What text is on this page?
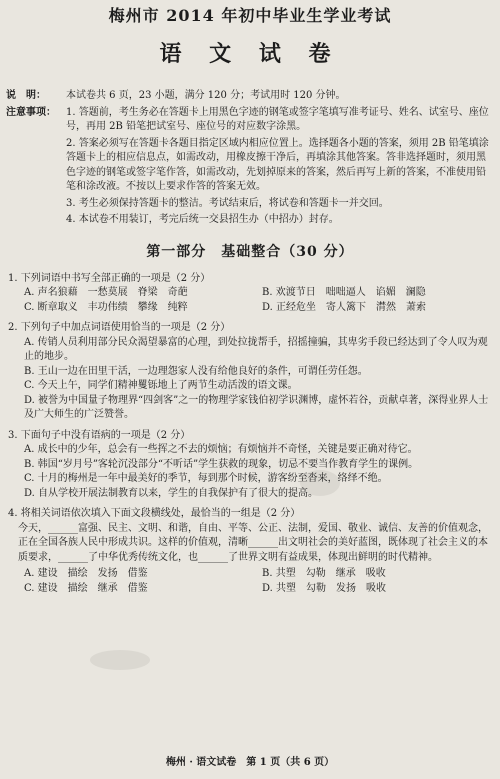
梅州市 2014 年初中毕业生学业考试
语 文 试 卷
说　明：	本试卷共 6 页，23 小题，满分 120 分；考试用时 120 分钟。
注意事项：	1. 答题前，考生务必在答题卡上用黑色字迹的钢笔或签字笔填写准考证号、姓名、试室号、座位号，再用 2B 铅笔把试室号、座位号的对应数字涂黑。
2. 答案必须写在答题卡各题目指定区域内相应位置上。选择题各小题的答案，须用 2B 铅笔填涂答题卡上的相应信息点，如需改动，用橡皮擦干净后，再填涂其他答案。答非选择题时，须用黑色字迹的钢笔或签字笔作答，如需改动，先划掉原来的答案，然后再写上新的答案，不准使用铅笔和涂改液。不按以上要求作答的答案无效。
3. 考生必须保持答题卡的整洁。考试结束后，将试卷和答题卡一并交回。
4. 本试卷不用装订，考完后统一交县招生办（中招办）封存。
第一部分　基础整合（30 分）
1. 下列词语中书写全部正确的一项是（2 分）
A. 声名狼藉　一愁莫展　脊梁　奇葩	B. 欢渡节日　咄咄逼人　谄媚　澜隐
C. 断章取义　丰功伟绩　攀缘　纯粹	D. 正经危坐　寄人篱下　潸然　萧索
2. 下列句子中加点词语使用恰当的一项是（2 分）
A. 传销人员利用部分民众渴望暴富的心理，到处拉拢帮手，招摇撞骗，其卑劣手段已经达到了令人叹为观止的地步。
B. 王山一边在田里干活，一边理怨家人没有给他良好的条件，可谓任劳任怨。
C. 今天上午，同学们精神矍铄地上了两节生动活泼的语文课。
D. 被誉为中国量子物理界“四剑客”之一的物理学家钱伯初学识渊博，虚怀若谷，贡献卓著，深得业界人士及广大师生的广泛赞誉。
3. 下面句子中没有语病的一项是（2 分）
A. 成长中的少年，总会有一些挥之不去的烦恼；有烦恼并不奇怪，关键是要正确对待它。
B. 韩国“岁月号”客轮沉没部分“不听话”学生获救的现象，切忌不要当作教育学生的课例。
C. 十月的梅州是一年中最美好的季节，每到那个时候，游客纷至沓来，络绎不绝。
D. 自从学校开展法制教育以来，学生的自我保护有了很大的提高。
4. 将相关词语依次填入下面文段横线处，最恰当的一组是（2 分）
今天，______富强、民主、文明、和谐，自由、平等、公正、法制，爱国、敬业、诚信、友善的价值观念，正在全国各族人民中形成共识。这样的价值观，清晰______出文明社会的美好蓝图，既体现了社会主义的本质要求，______了中华优秀传统文化，也______了世界文明有益成果，体现出鲜明的时代精神。
A. 建设　描绘　发扬　借鉴	B. 共塑　勾勒　继承　吸收
C. 建设　描绘　继承　借鉴	D. 共塑　勾勒　发扬　吸收
梅州 · 语文试卷　第 1 页（共 6 页）
